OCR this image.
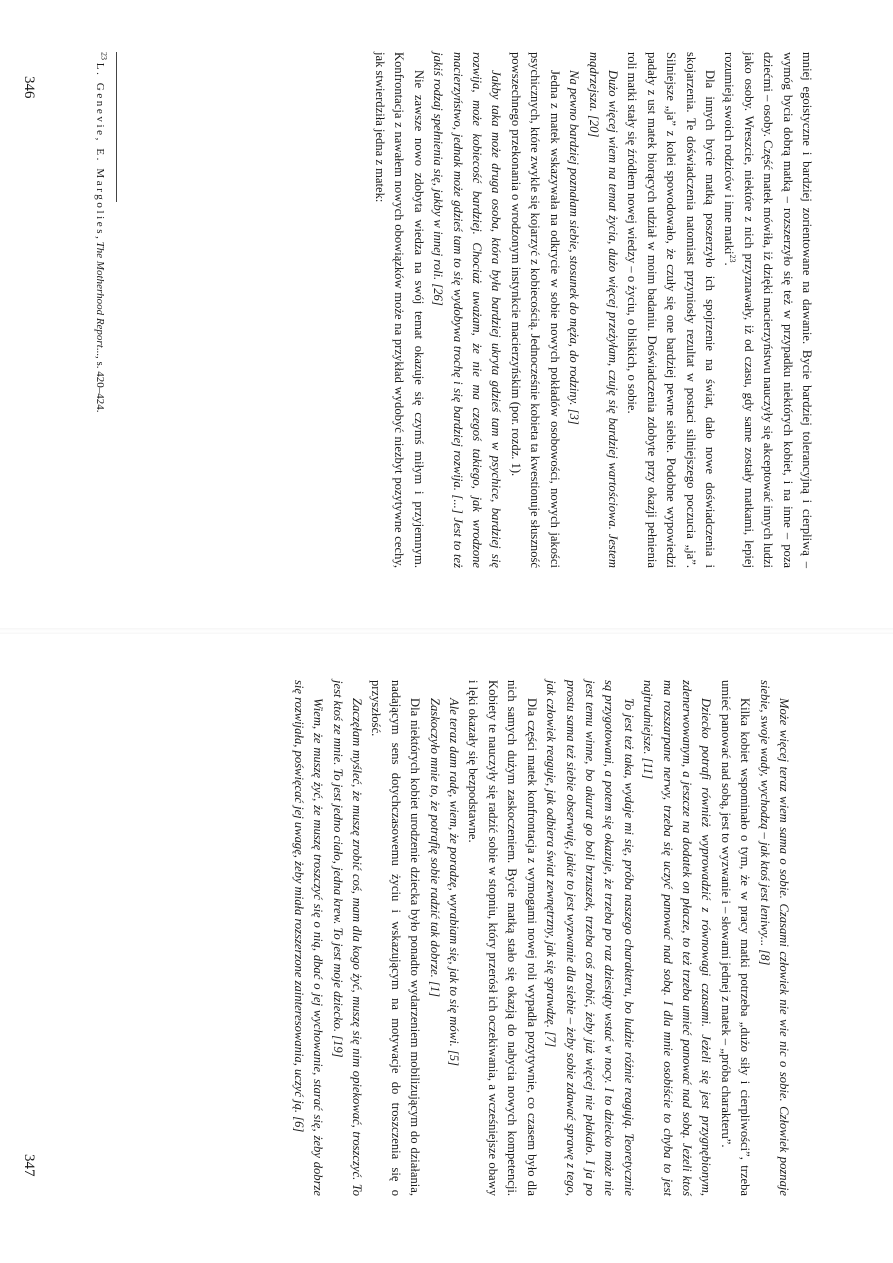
mniej egoistyczne i bardziej zorientowane na dawanie. Bycie bardziej tolerancyjną i cierpliwą – wymóg bycia dobrą matką – rozszerzyło się też w przypadku niektórych kobiet, i na inne – poza dziećmi – osoby. Część matek mówiła, iż dzięki macierzyństwu nauczyły się akceptować innych ludzi jako osoby. Wreszcie, niektóre z nich przyznawały, iż od czasu, gdy same zostały matkami, lepiej rozumieją swoich rodziców i inne matki$^{23}$.

Dla innych bycie matką poszerzyło ich spojrzenie na świat, dało nowe doświadczenia i skojarzenia. Te doświadczenia natomiast przyniosły rezultat w postaci silniejszego poczucia „ja”. Silniejsze „ja” z kolei spowodowało, że czuły się one bardziej pewne siebie. Podobne wypowiedzi padały z ust matek biorących udział w moim badaniu. Doświadczenia zdobyte przy okazji pełnienia roli matki stały się źródłem nowej wiedzy – o życiu, o bliskich, o sobie.

Dużo więcej wiem na temat życia, dużo więcej przeżyłam, czuję się bardziej wartościowa. Jestem mądrzejsza. [20]

Na pewno bardziej poznałam siebie, stosunek do męża, do rodziny. [3]

Jedna z matek wskazywała na odkrycie w sobie nowych pokładów osobowości, nowych jakości psychicznych, które zwykle się kojarzyć z kobiecością. Jednocześnie kobieta ta kwestionuje słuszność powszechnego przekonania o wrodzonym instynkcie macierzyńskim (por. rozdz. 1).

Jakby taka może druga osoba, która była bardziej ukryta gdzieś tam w psychice, bardziej się rozwija, może kobiecość bardziej. Chociaż uważam, że nie ma czegoś takiego, jak wrodzone macierzyństwo, jednak może gdzieś tam to się wydobywa trochę i się bardziej rozwija. [...] Jest to też jakiś rodzaj spełnienia się, jakby w innej roli. [26]

Nie zawsze nowo zdobyta wiedza na swój temat okazuje się czymś miłym i przyjemnym. Konfrontacja z nawałem nowych obowiązków może na przykład wydobyć niezbyt pozytywne cechy, jak stwierdziła jedna z matek:

$^{23}$ L. Genevie, E. Margolies, The Motherhood Report..., s. 420–424.
346

Może więcej teraz wiem sama o sobie. Czasami człowiek nie wie nic o sobie. Człowiek poznaje siebie, swoje wady, wychodzą – jak ktoś jest leniwy... [8]

Kilka kobiet wspominało o tym, że w pracy matki potrzeba „dużo siły i cierpliwości”, trzeba umieć panować nad sobą, jest to wyzwanie i – słowami jednej z matek – „próba charakteru”.

Dziecko potrafi również wyprowadzić z równowagi czasami. Jeżeli się jest przygnębionym, zdenerwowanym, a jeszcze na dodatek on płacze, to też trzeba umieć panować nad sobą. Jeżeli ktoś ma rozszarpane nerwy, trzeba się uczyć panować nad sobą. I dla mnie osobiście to chyba to jest najtrudniejsze. [11]

To jest też taka, wydaje mi się, próba naszego charakteru, bo ludzie różnie reagują. Teoretycznie są przygotowani, a potem się okazuje, że trzeba po raz dziesiąty wstać w nocy. I to dziecko może nie jest temu winne, bo akurat go boli brzuszek, trzeba coś zrobić, żeby już więcej nie płakało. I ja po prostu sama też siebie obserwuję, jakie to jest wyzwanie dla siebie – żeby sobie zdawać sprawę z tego, jak człowiek reaguje, jak odbiera świat zewnętrzny, jak się sprawdzę. [7]

Dla części matek konfrontacja z wymogami nowej roli wypadła pozytywnie, co czasem było dla nich samych dużym zaskoczeniem. Bycie matką stało się okazją do nabycia nowych kompetencji. Kobiety te nauczyły się radzić sobie w stopniu, który przerósł ich oczekiwania, a wcześniejsze obawy i lęki okazały się bezpodstawne.

Ale teraz dam radę, wiem, że poradzę, wyrabiam się, jak to się mówi. [5]

Zaskoczyło mnie to, że potrafię sobie radzić tak dobrze. [1]

Dla niektórych kobiet urodzenie dziecka było ponadto wydarzeniem mobilizującym do działania, nadającym sens dotychczasowemu życiu i wskazującym na motywacje do troszczenia się o przyszłość.

Zaczęłam myśleć, że muszę zrobić coś, mam dla kogo żyć, muszę się nim opiekować, troszczyć. To jest ktoś ze mnie. To jest jedno ciało, jedna krew. To jest moje dziecko. [19]

Wiem, że muszę żyć, że muszę troszczyć się o nią, dbać o jej wychowanie, starać się, żeby dobrze się rozwijała, poświęcać jej uwagę, żeby miała rozszerzone zainteresowania, uczyć ją. [6]

347
